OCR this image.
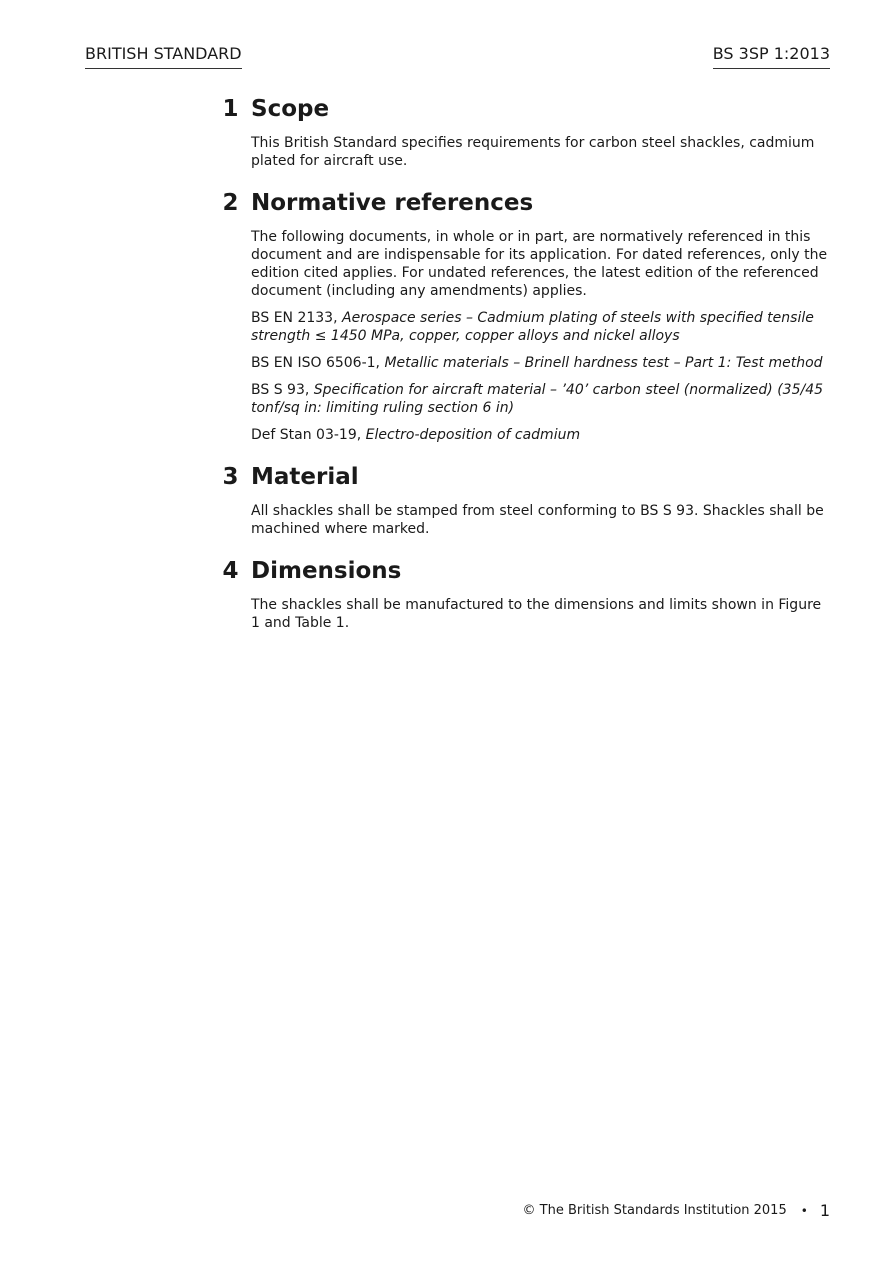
BRITISH STANDARD	BS 3SP 1:2013
1 Scope

This British Standard specifies requirements for carbon steel shackles, cadmium plated for aircraft use.

2 Normative references

The following documents, in whole or in part, are normatively referenced in this document and are indispensable for its application. For dated references, only the edition cited applies. For undated references, the latest edition of the referenced document (including any amendments) applies.

BS EN 2133, Aerospace series – Cadmium plating of steels with specified tensile strength ≤ 1450 MPa, copper, copper alloys and nickel alloys

BS EN ISO 6506-1, Metallic materials – Brinell hardness test – Part 1: Test method

BS S 93, Specification for aircraft material – ’40’ carbon steel (normalized) (35/45 tonf/sq in: limiting ruling section 6 in)

Def Stan 03-19, Electro-deposition of cadmium

3 Material

All shackles shall be stamped from steel conforming to BS S 93. Shackles shall be machined where marked.

4 Dimensions

The shackles shall be manufactured to the dimensions and limits shown in Figure 1 and Table 1.

© The British Standards Institution 2015 • 1
